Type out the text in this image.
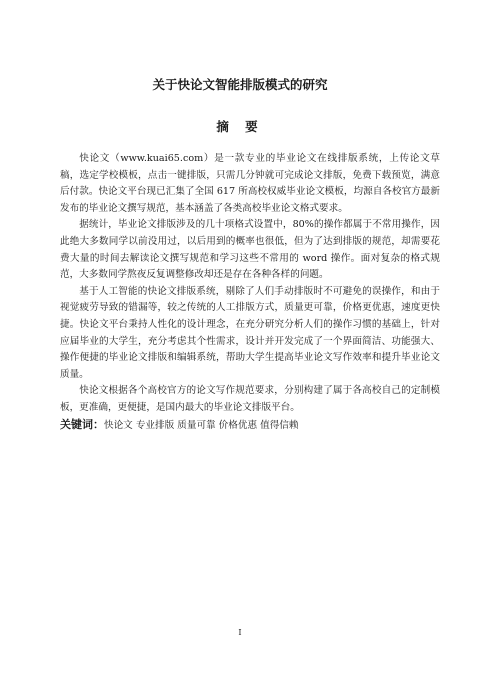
关于快论文智能排版模式的研究
摘 要

快论文（www.kuai65.com）是一款专业的毕业论文在线排版系统，上传论文草稿，选定学校模板，点击一键排版，只需几分钟就可完成论文排版，免费下载预览，满意后付款。快论文平台现已汇集了全国 617 所高校权威毕业论文模板，均源自各校官方最新发布的毕业论文撰写规范，基本涵盖了各类高校毕业论文格式要求。

据统计，毕业论文排版涉及的几十项格式设置中，80%的操作都属于不常用操作，因此绝大多数同学以前没用过，以后用到的概率也很低，但为了达到排版的规范，却需要花费大量的时间去解读论文撰写规范和学习这些不常用的 word 操作。面对复杂的格式规范，大多数同学熬夜反复调整修改却还是存在各种各样的问题。

基于人工智能的快论文排版系统，剔除了人们手动排版时不可避免的误操作，和由于视觉疲劳导致的错漏等，较之传统的人工排版方式，质量更可靠，价格更优惠，速度更快捷。快论文平台秉持人性化的设计理念，在充分研究分析人们的操作习惯的基础上，针对应届毕业的大学生，充分考虑其个性需求，设计并开发完成了一个界面简洁、功能强大、操作便捷的毕业论文排版和编辑系统，帮助大学生提高毕业论文写作效率和提升毕业论文质量。

快论文根据各个高校官方的论文写作规范要求，分别构建了属于各高校自己的定制模板，更准确，更便捷，是国内最大的毕业论文排版平台。

关键词：快论文 专业排版 质量可靠 价格优惠 值得信赖
I
